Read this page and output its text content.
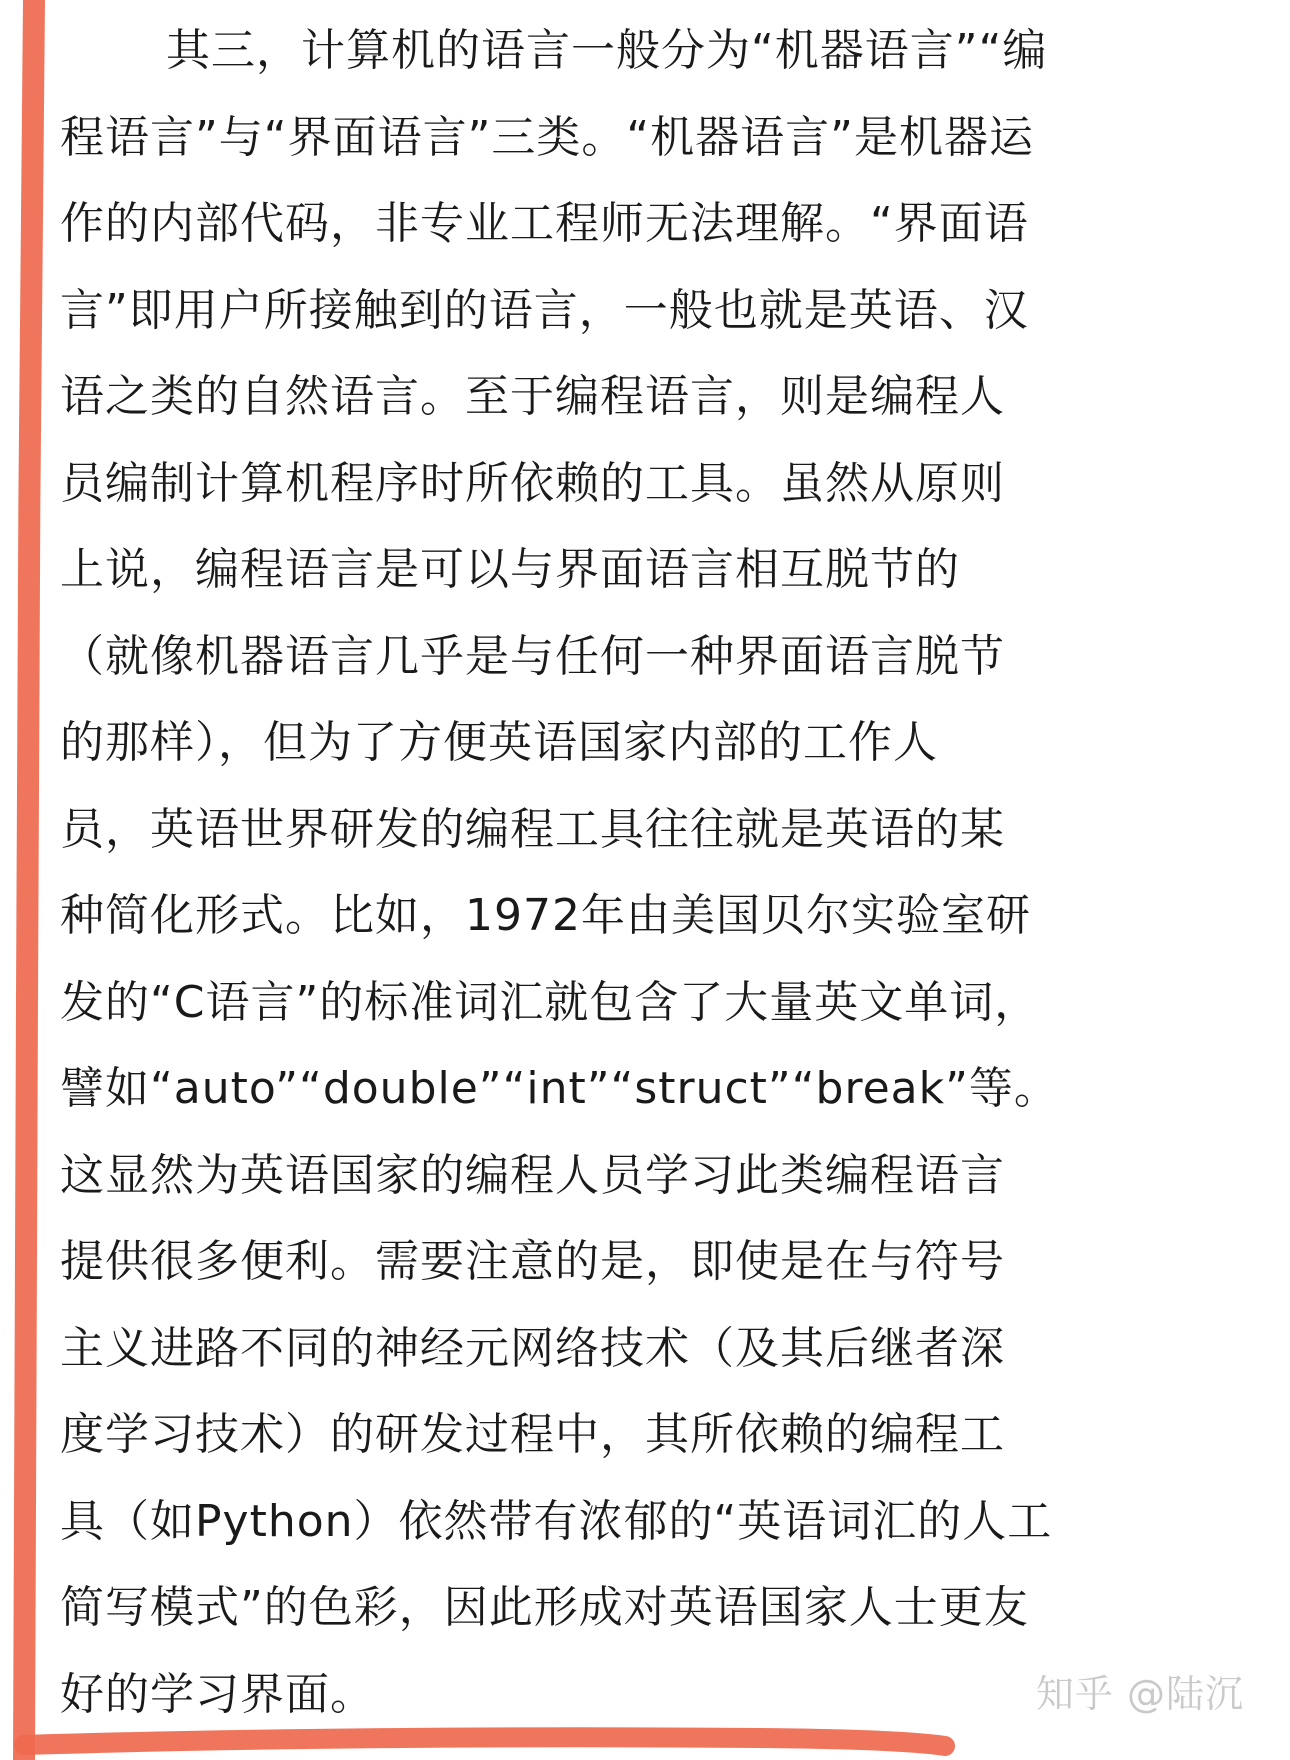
其三，计算机的语言一般分为“机器语言”“编
程语言”与“界面语言”三类。“机器语言”是机器运
作的内部代码，非专业工程师无法理解。“界面语
言”即用户所接触到的语言，一般也就是英语、汉
语之类的自然语言。至于编程语言，则是编程人
员编制计算机程序时所依赖的工具。虽然从原则
上说，编程语言是可以与界面语言相互脱节的
（就像机器语言几乎是与任何一种界面语言脱节
的那样），但为了方便英语国家内部的工作人
员，英语世界研发的编程工具往往就是英语的某
种简化形式。比如，1972年由美国贝尔实验室研
发的“C语言”的标准词汇就包含了大量英文单词，
譬如“auto”“double”“int”“struct”“break”等。
这显然为英语国家的编程人员学习此类编程语言
提供很多便利。需要注意的是，即使是在与符号
主义进路不同的神经元网络技术（及其后继者深
度学习技术）的研发过程中，其所依赖的编程工
具（如Python）依然带有浓郁的“英语词汇的人工
简写模式”的色彩，因此形成对英语国家人士更友
好的学习界面。	知乎 @陆沉
